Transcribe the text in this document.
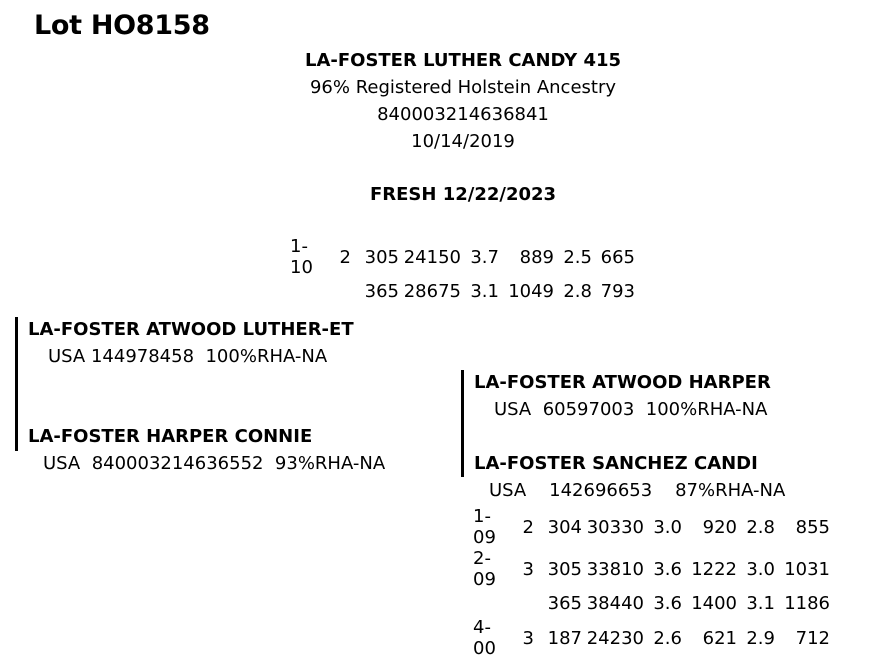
Lot HO8158
LA-FOSTER LUTHER CANDY 415
96% Registered Holstein Ancestry
840003214636841
10/14/2019
FRESH 12/22/2023
1-10	2	305	24150	3.7	889	2.5	665
		365	28675	3.1	1049	2.8	793
LA-FOSTER ATWOOD LUTHER-ET
USA 144978458  100%RHA-NA
LA-FOSTER HARPER CONNIE
USA  840003214636552  93%RHA-NA
LA-FOSTER ATWOOD HARPER
USA  60597003  100%RHA-NA
LA-FOSTER SANCHEZ CANDI
USA    142696653    87%RHA-NA
1-09	2	304	30330	3.0	920	2.8	855
2-09	3	305	33810	3.6	1222	3.0	1031
		365	38440	3.6	1400	3.1	1186
4-00	3	187	24230	2.6	621	2.9	712
